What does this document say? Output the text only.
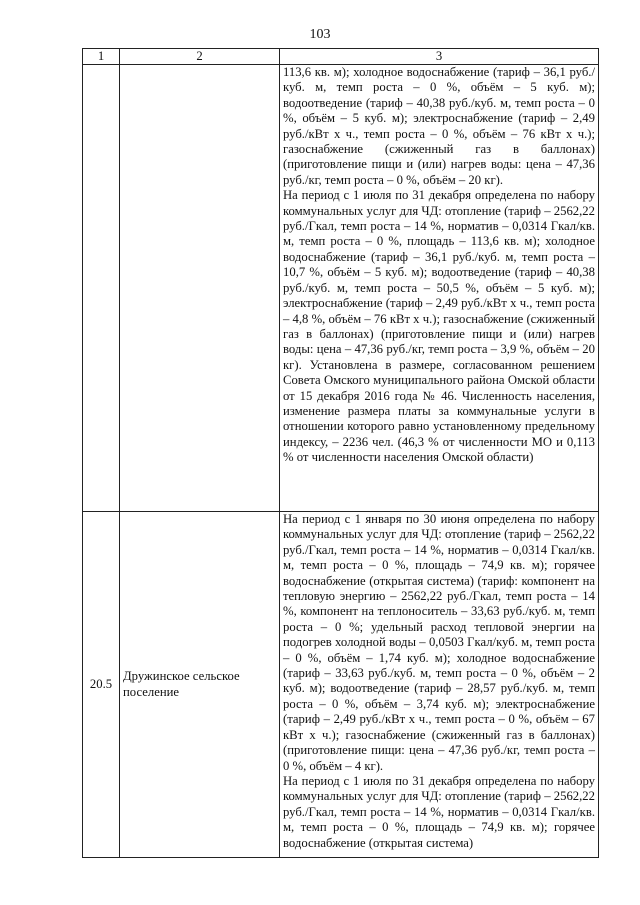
103
1	2	3

		113,6 кв. м); холодное водоснабжение (тариф – 36,1 руб./куб. м, темп роста – 0 %, объём – 5 куб. м); водоотведение (тариф – 40,38 руб./куб. м, темп роста – 0 %, объём – 5 куб. м); электроснабжение (тариф – 2,49 руб./кВт x ч., темп роста – 0 %, объём – 76 кВт x ч.); газоснабжение (сжиженный газ в баллонах) (приготовление пищи и (или) нагрев воды: цена – 47,36 руб./кг, темп роста – 0 %, объём – 20 кг).
На период с 1 июля по 31 декабря определена по набору коммунальных услуг для ЧД: отопление (тариф – 2562,22 руб./Гкал, темп роста – 14 %, норматив – 0,0314 Гкал/кв. м, темп роста – 0 %, площадь – 113,6 кв. м); холодное водоснабжение (тариф – 36,1 руб./куб. м, темп роста – 10,7 %, объём – 5 куб. м); водоотведение (тариф – 40,38 руб./куб. м, темп роста – 50,5 %, объём – 5 куб. м); электроснабжение (тариф – 2,49 руб./кВт x ч., темп роста – 4,8 %, объём – 76 кВт x ч.); газоснабжение (сжиженный газ в баллонах) (приготовление пищи и (или) нагрев воды: цена – 47,36 руб./кг, темп роста – 3,9 %, объём – 20 кг). Установлена в размере, согласованном решением Совета Омского муниципального района Омской области от 15 декабря 2016 года № 46. Численность населения, изменение размера платы за коммунальные услуги в отношении которого равно установленному предельному индексу, – 2236 чел. (46,3 % от численности МО и 0,113 % от численности населения Омской области)

20.5	Дружинское сельское поселение	На период с 1 января по 30 июня определена по набору коммунальных услуг для ЧД: отопление (тариф – 2562,22 руб./Гкал, темп роста – 14 %, норматив – 0,0314 Гкал/кв. м, темп роста – 0 %, площадь – 74,9 кв. м); горячее водоснабжение (открытая система) (тариф: компонент на тепловую энергию – 2562,22 руб./Гкал, темп роста – 14 %, компонент на теплоноситель – 33,63 руб./куб. м, темп роста – 0 %; удельный расход тепловой энергии на подогрев холодной воды – 0,0503 Гкал/куб. м, темп роста – 0 %, объём – 1,74 куб. м); холодное водоснабжение (тариф – 33,63 руб./куб. м, темп роста – 0 %, объём – 2 куб. м); водоотведение (тариф – 28,57 руб./куб. м, темп роста – 0 %, объём – 3,74 куб. м); электроснабжение (тариф – 2,49 руб./кВт x ч., темп роста – 0 %, объём – 67 кВт x ч.); газоснабжение (сжиженный газ в баллонах) (приготовление пищи: цена – 47,36 руб./кг, темп роста – 0 %, объём – 4 кг).
На период с 1 июля по 31 декабря определена по набору коммунальных услуг для ЧД: отопление (тариф – 2562,22 руб./Гкал, темп роста – 14 %, норматив – 0,0314 Гкал/кв. м, темп роста – 0 %, площадь – 74,9 кв. м); горячее водоснабжение (открытая система)
